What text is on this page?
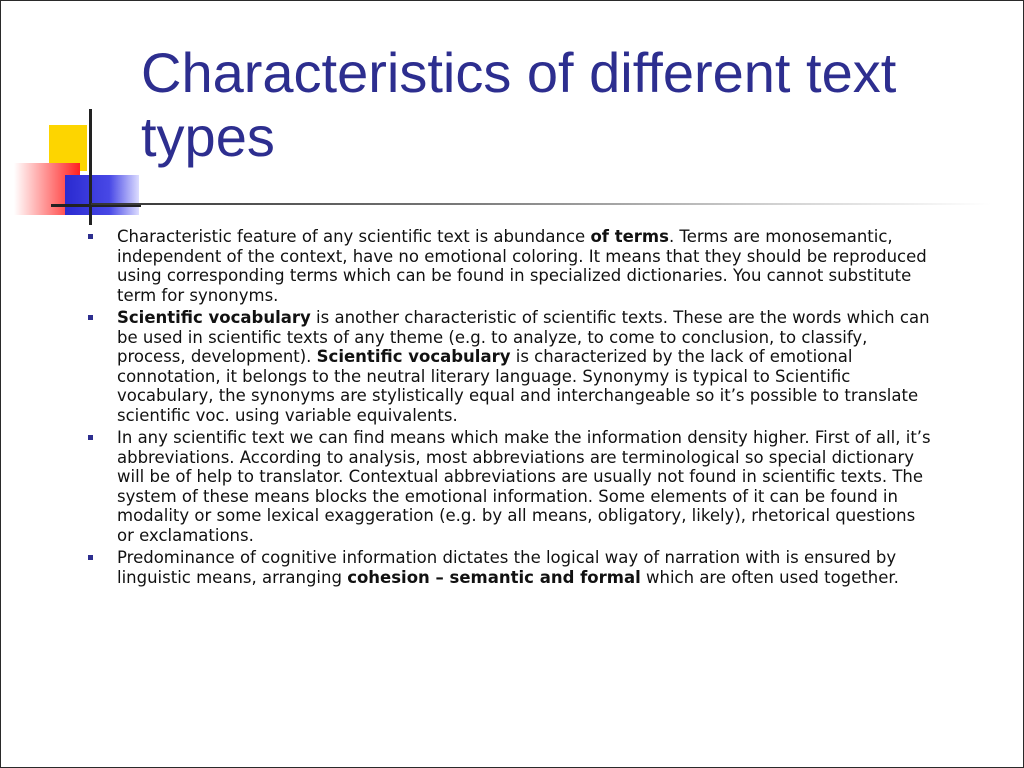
Characteristics of different text types
Characteristic feature of any scientific text is abundance of terms. Terms are monosemantic, independent of the context, have no emotional coloring. It means that they should be reproduced using corresponding terms which can be found in specialized dictionaries. You cannot substitute term for synonyms.
Scientific vocabulary is another characteristic of scientific texts. These are the words which can be used in scientific texts of any theme (e.g. to analyze, to come to conclusion, to classify, process, development). Scientific vocabulary is characterized by the lack of emotional connotation, it belongs to the neutral literary language. Synonymy is typical to Scientific vocabulary, the synonyms are stylistically equal and interchangeable so it’s possible to translate scientific voc. using variable equivalents.
In any scientific text we can find means which make the information density higher. First of all, it’s abbreviations. According to analysis, most abbreviations are terminological so special dictionary will be of help to translator. Contextual abbreviations are usually not found in scientific texts. The system of these means blocks the emotional information. Some elements of it can be found in modality or some lexical exaggeration (e.g. by all means, obligatory, likely), rhetorical questions or exclamations.
Predominance of cognitive information dictates the logical way of narration with is ensured by linguistic means, arranging cohesion – semantic and formal which are often used together.
